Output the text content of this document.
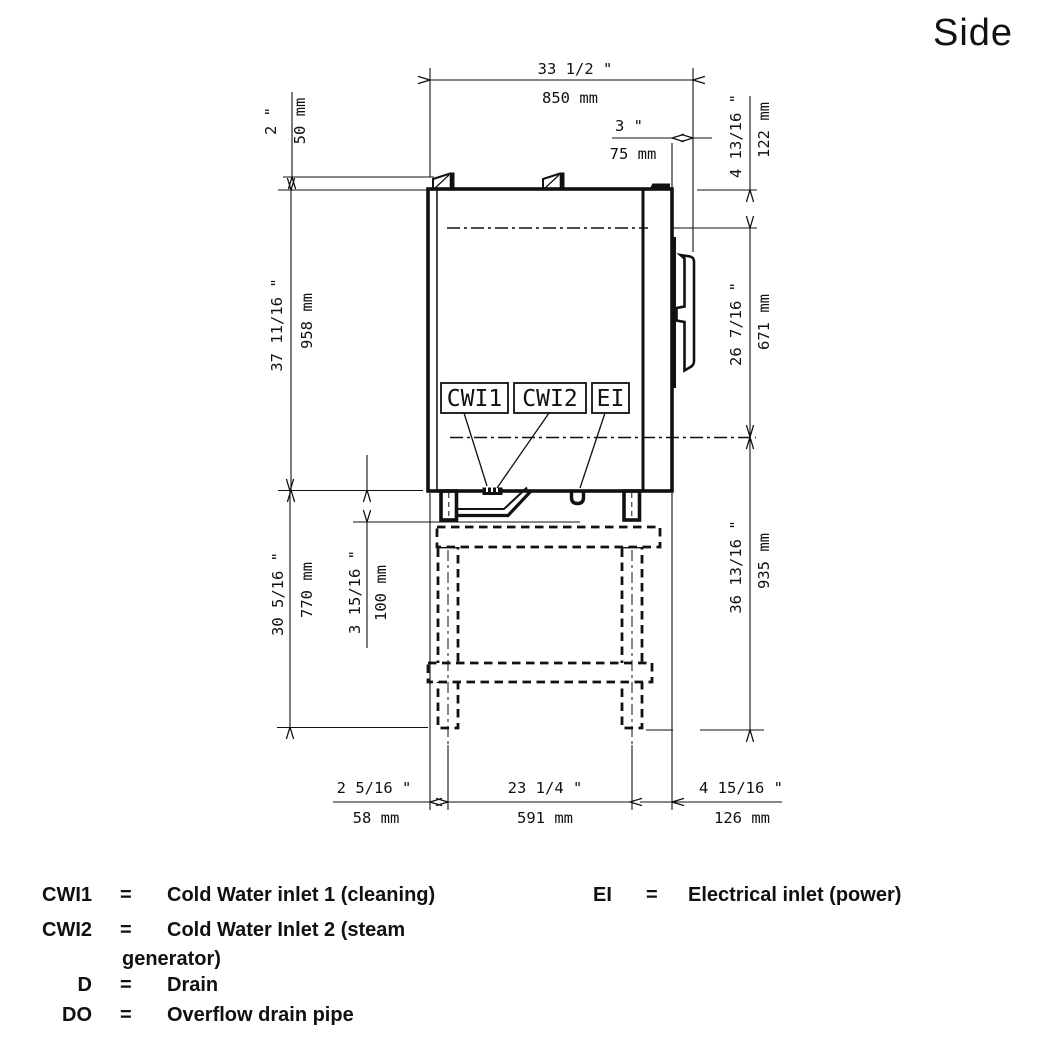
33 1/2 "
850 mm
3 "
75 mm
2 " 50 mm
37 11/16 " 958 mm
30 5/16 " 770 mm 3 15/16 " 100 mm
4 13/16 " 122 mm
26 7/16 " 671 mm
36 13/16 " 935 mm
2 5/16 "
58 mm
23 1/4 "
591 mm
4 15/16 "
126 mm
CWI1 CWI2 EI
Side
CWI1 = Cold Water inlet 1 (cleaning)
CWI2 = Cold Water Inlet 2 (steam
generator)
D = Drain
DO = Overflow drain pipe
EI = Electrical inlet (power)
